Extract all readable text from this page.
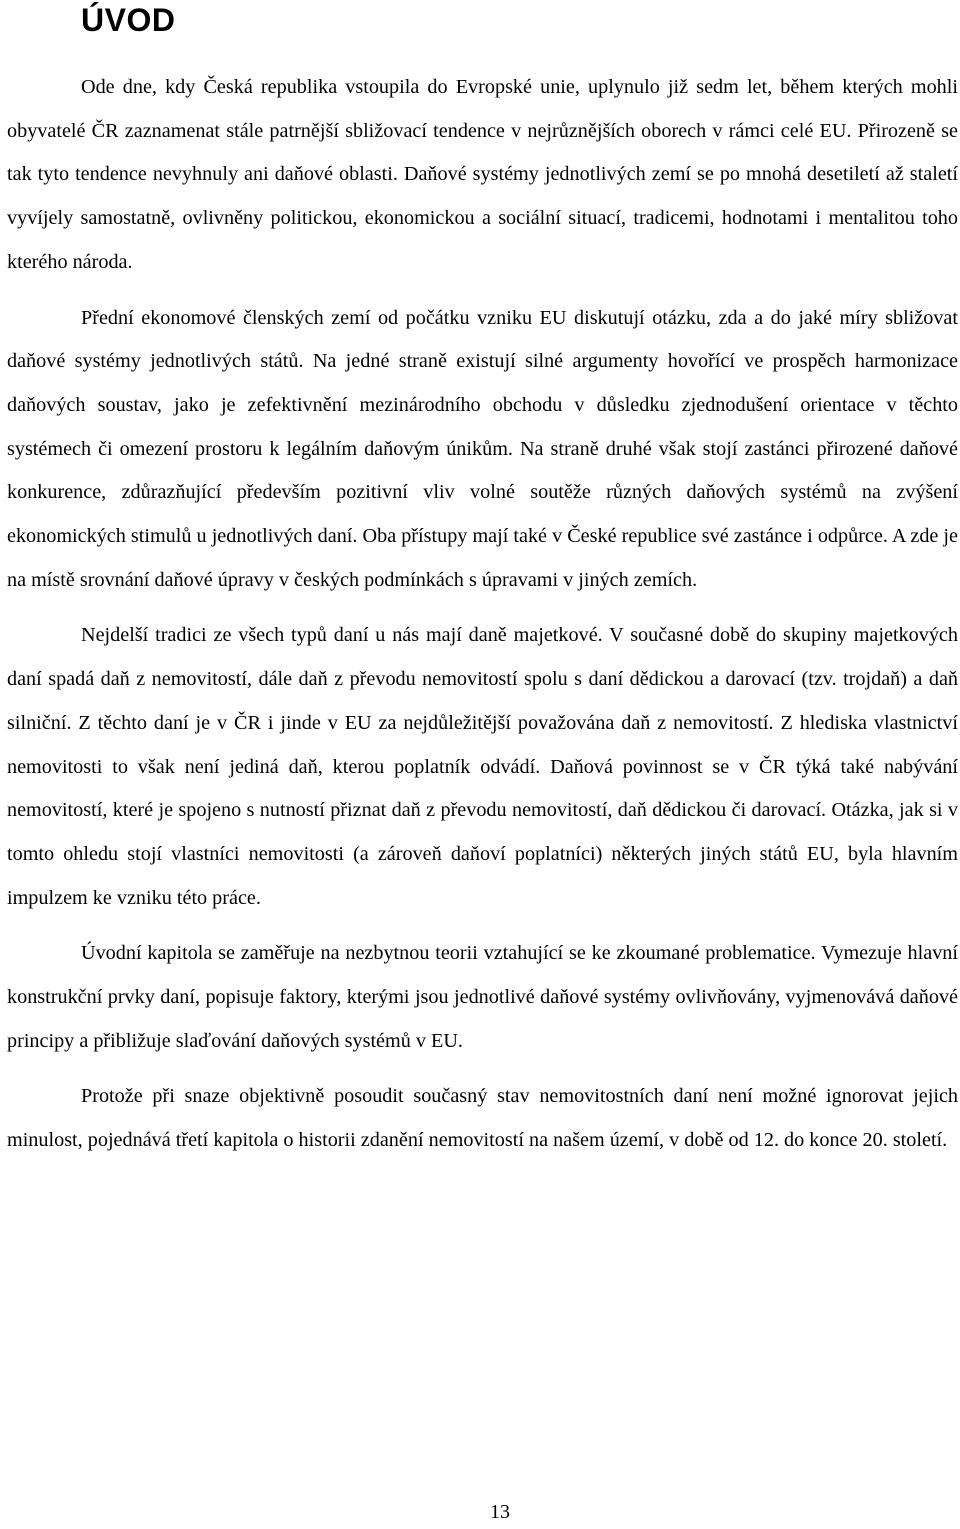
ÚVOD

Ode dne, kdy Česká republika vstoupila do Evropské unie, uplynulo již sedm let, během kterých mohli obyvatelé ČR zaznamenat stále patrnější sbližovací tendence v nejrůznějších oborech v rámci celé EU. Přirozeně se tak tyto tendence nevyhnuly ani daňové oblasti. Daňové systémy jednotlivých zemí se po mnohá desetiletí až staletí vyvíjely samostatně, ovlivněny politickou, ekonomickou a sociální situací, tradicemi, hodnotami i mentalitou toho kterého národa.

Přední ekonomové členských zemí od počátku vzniku EU diskutují otázku, zda a do jaké míry sbližovat daňové systémy jednotlivých států. Na jedné straně existují silné argumenty hovořící ve prospěch harmonizace daňových soustav, jako je zefektivnění mezinárodního obchodu v důsledku zjednodušení orientace v těchto systémech či omezení prostoru k legálním daňovým únikům. Na straně druhé však stojí zastánci přirozené daňové konkurence, zdůrazňující především pozitivní vliv volné soutěže různých daňových systémů na zvýšení ekonomických stimulů u jednotlivých daní. Oba přístupy mají také v České republice své zastánce i odpůrce. A zde je na místě srovnání daňové úpravy v českých podmínkách s úpravami v jiných zemích.

Nejdelší tradici ze všech typů daní u nás mají daně majetkové. V současné době do skupiny majetkových daní spadá daň z nemovitostí, dále daň z převodu nemovitostí spolu s daní dědickou a darovací (tzv. trojdaň) a daň silniční. Z těchto daní je v ČR i jinde v EU za nejdůležitější považována daň z nemovitostí. Z hlediska vlastnictví nemovitosti to však není jediná daň, kterou poplatník odvádí. Daňová povinnost se v ČR týká také nabývání nemovitostí, které je spojeno s nutností přiznat daň z převodu nemovitostí, daň dědickou či darovací. Otázka, jak si v tomto ohledu stojí vlastníci nemovitosti (a zároveň daňoví poplatníci) některých jiných států EU, byla hlavním impulzem ke vzniku této práce.

Úvodní kapitola se zaměřuje na nezbytnou teorii vztahující se ke zkoumané problematice. Vymezuje hlavní konstrukční prvky daní, popisuje faktory, kterými jsou jednotlivé daňové systémy ovlivňovány, vyjmenovává daňové principy a přibližuje slaďování daňových systémů v EU.

Protože při snaze objektivně posoudit současný stav nemovitostních daní není možné ignorovat jejich minulost, pojednává třetí kapitola o historii zdanění nemovitostí na našem území, v době od 12. do konce 20. století.

13
